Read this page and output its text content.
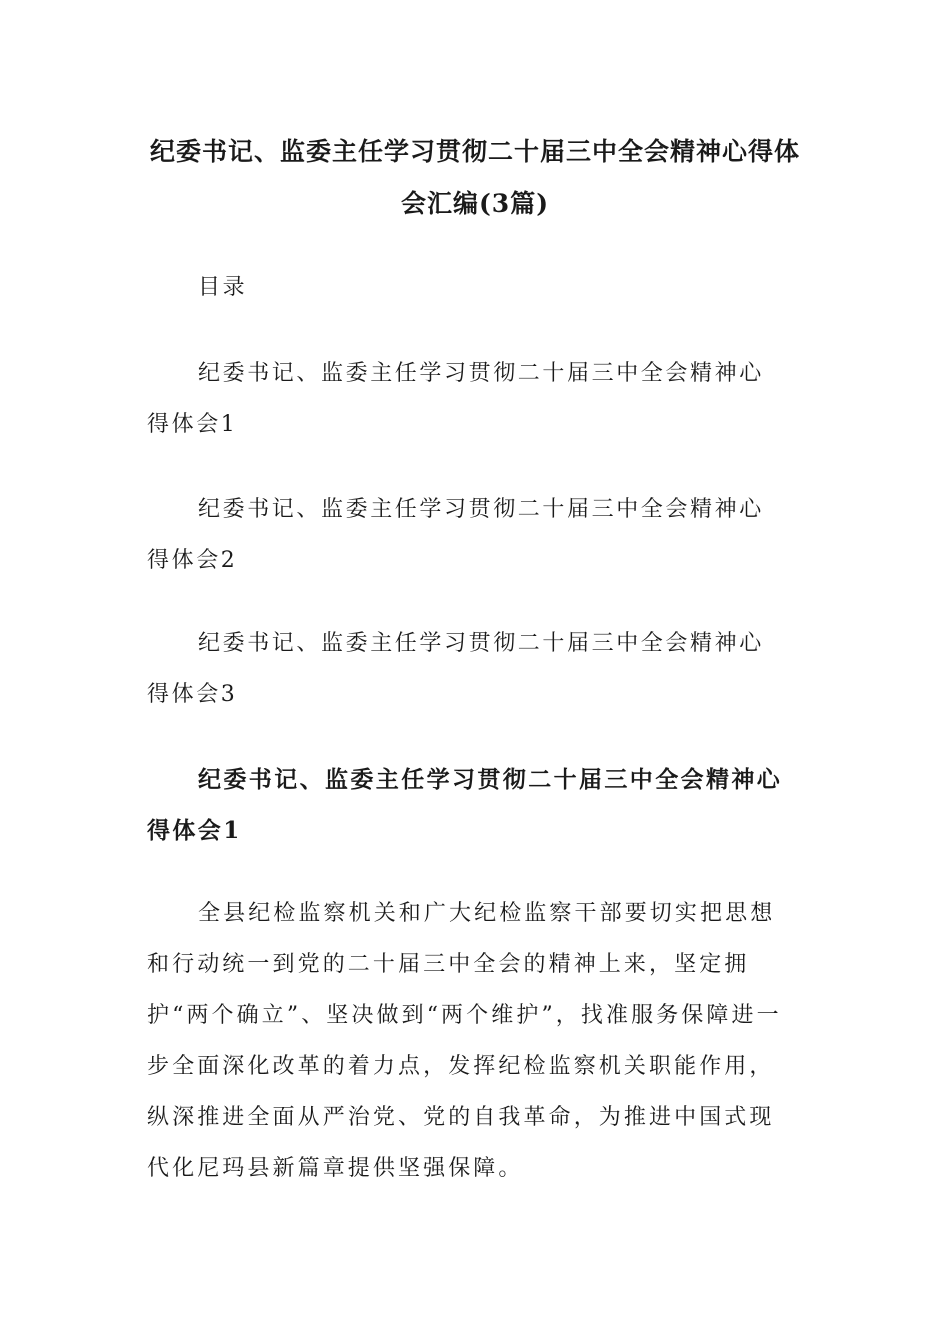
纪委书记、监委主任学习贯彻二十届三中全会精神心得体会汇编(3篇)

目录

纪委书记、监委主任学习贯彻二十届三中全会精神心得体会1

纪委书记、监委主任学习贯彻二十届三中全会精神心得体会2

纪委书记、监委主任学习贯彻二十届三中全会精神心得体会3

纪委书记、监委主任学习贯彻二十届三中全会精神心得体会1

全县纪检监察机关和广大纪检监察干部要切实把思想和行动统一到党的二十届三中全会的精神上来，坚定拥护“两个确立”、坚决做到“两个维护”，找准服务保障进一步全面深化改革的着力点，发挥纪检监察机关职能作用，纵深推进全面从严治党、党的自我革命，为推进中国式现代化尼玛县新篇章提供坚强保障。
